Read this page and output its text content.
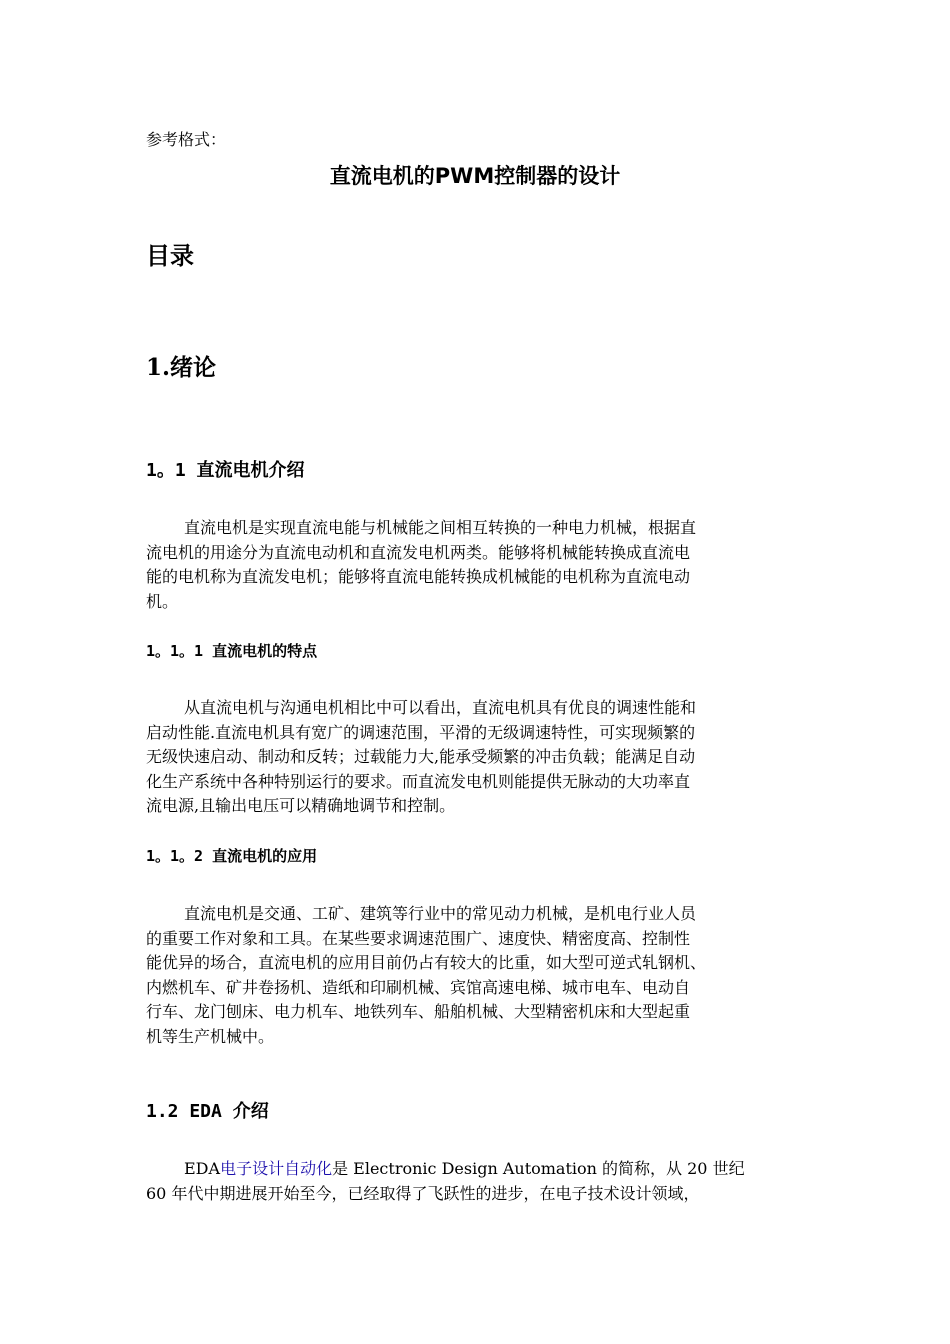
参考格式：
直流电机的PWM控制器的设计
目录
1.绪论
1。1 直流电机介绍
直流电机是实现直流电能与机械能之间相互转换的一种电力机械，根据直
流电机的用途分为直流电动机和直流发电机两类。能够将机械能转换成直流电
能的电机称为直流发电机；能够将直流电能转换成机械能的电机称为直流电动
机。
1。1。1 直流电机的特点
从直流电机与沟通电机相比中可以看出，直流电机具有优良的调速性能和
启动性能.直流电机具有宽广的调速范围，平滑的无级调速特性，可实现频繁的
无级快速启动、制动和反转；过载能力大,能承受频繁的冲击负载；能满足自动
化生产系统中各种特别运行的要求。而直流发电机则能提供无脉动的大功率直
流电源,且输出电压可以精确地调节和控制。
1。1。2 直流电机的应用
直流电机是交通、工矿、建筑等行业中的常见动力机械，是机电行业人员
的重要工作对象和工具。在某些要求调速范围广、速度快、精密度高、控制性
能优异的场合，直流电机的应用目前仍占有较大的比重，如大型可逆式轧钢机、
内燃机车、矿井卷扬机、造纸和印刷机械、宾馆高速电梯、城市电车、电动自
行车、龙门刨床、电力机车、地铁列车、船舶机械、大型精密机床和大型起重
机等生产机械中。
1.2 EDA 介绍
EDA电子设计自动化是 Electronic Design Automation 的简称，从 20 世纪
60 年代中期进展开始至今，已经取得了飞跃性的进步，在电子技术设计领域，
